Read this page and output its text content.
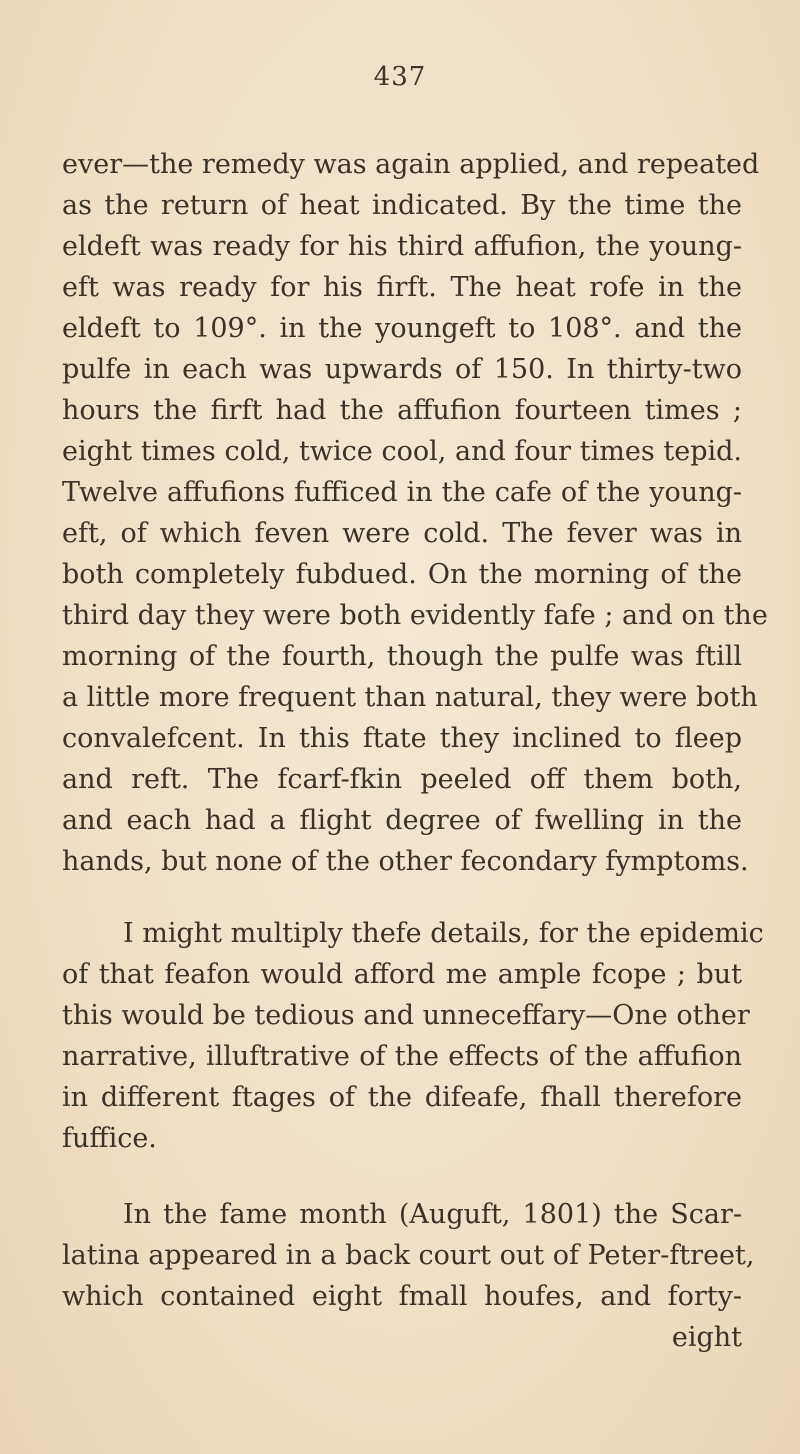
437
ever—the remedy was again applied, and repeated
as the return of heat indicated. By the time the
eldeft was ready for his third affufion, the young-
eft was ready for his firft. The heat rofe in the
eldeft to 109°. in the youngeft to 108°. and the
pulfe in each was upwards of 150. In thirty-two
hours the firft had the affufion fourteen times ;
eight times cold, twice cool, and four times tepid.
Twelve affufions fufficed in the cafe of the young-
eft, of which feven were cold. The fever was in
both completely fubdued. On the morning of the
third day they were both evidently fafe ; and on the
morning of the fourth, though the pulfe was ftill
a little more frequent than natural, they were both
convalefcent. In this ftate they inclined to fleep
and reft. The fcarf-fkin peeled off them both,
and each had a flight degree of fwelling in the
hands, but none of the other fecondary fymptoms.
I might multiply thefe details, for the epidemic
of that feafon would afford me ample fcope ; but
this would be tedious and unneceffary—One other
narrative, illuftrative of the effects of the affufion
in different ftages of the difeafe, fhall therefore
fuffice.
In the fame month (Auguft, 1801) the Scar-
latina appeared in a back court out of Peter-ftreet,
which contained eight fmall houfes, and forty-
eight
